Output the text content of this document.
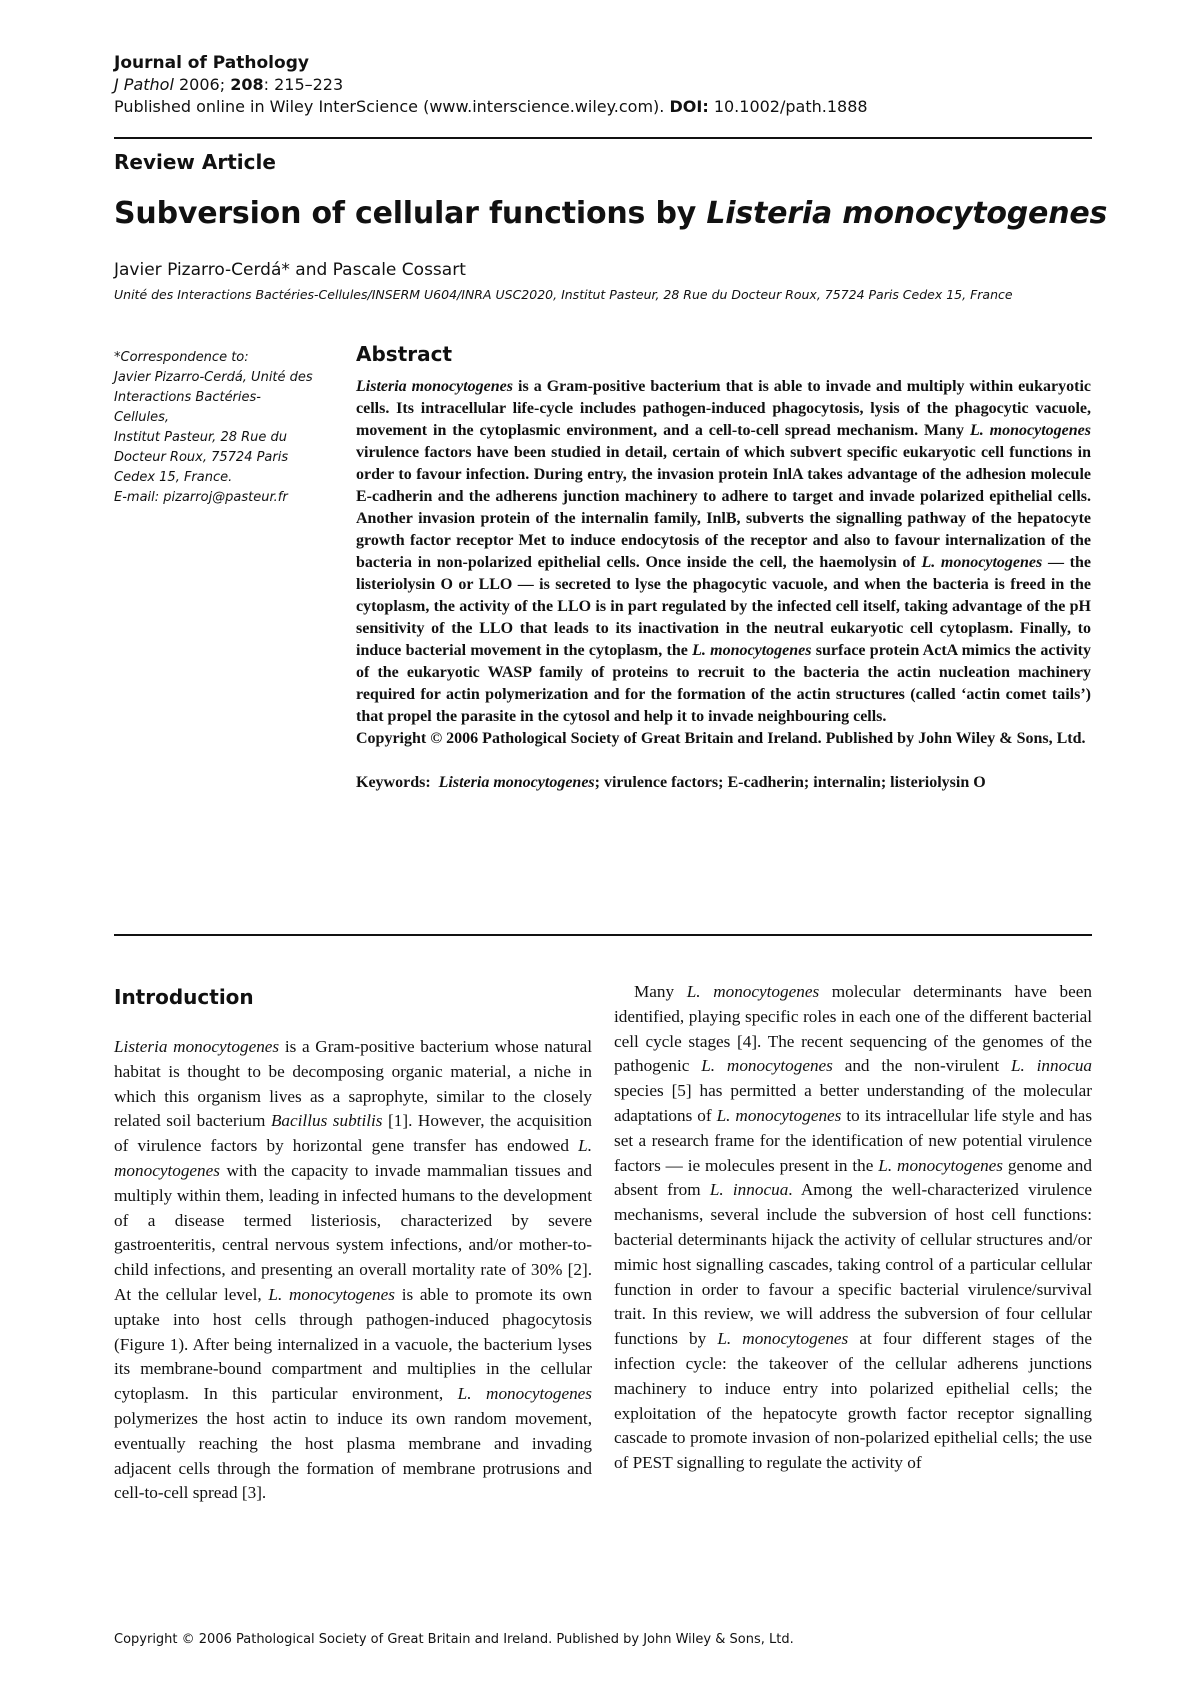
Journal of Pathology
J Pathol 2006; 208: 215–223
Published online in Wiley InterScience (www.interscience.wiley.com). DOI: 10.1002/path.1888
Review Article
Subversion of cellular functions by Listeria monocytogenes
Javier Pizarro-Cerdá* and Pascale Cossart
Unité des Interactions Bactéries-Cellules/INSERM U604/INRA USC2020, Institut Pasteur, 28 Rue du Docteur Roux, 75724 Paris Cedex 15, France
*Correspondence to:
Javier Pizarro-Cerdá, Unité des
Interactions Bactéries-Cellules,
Institut Pasteur, 28 Rue du
Docteur Roux, 75724 Paris
Cedex 15, France.
E-mail: pizarroj@pasteur.fr
Abstract

Listeria monocytogenes is a Gram-positive bacterium that is able to invade and multiply within eukaryotic cells. Its intracellular life-cycle includes pathogen-induced phagocytosis, lysis of the phagocytic vacuole, movement in the cytoplasmic environment, and a cell-to-cell spread mechanism. Many L. monocytogenes virulence factors have been studied in detail, certain of which subvert specific eukaryotic cell functions in order to favour infection. During entry, the invasion protein InlA takes advantage of the adhesion molecule E-cadherin and the adherens junction machinery to adhere to target and invade polarized epithelial cells. Another invasion protein of the internalin family, InlB, subverts the signalling pathway of the hepatocyte growth factor receptor Met to induce endocytosis of the receptor and also to favour internalization of the bacteria in non-polarized epithelial cells. Once inside the cell, the haemolysin of L. monocytogenes — the listeriolysin O or LLO — is secreted to lyse the phagocytic vacuole, and when the bacteria is freed in the cytoplasm, the activity of the LLO is in part regulated by the infected cell itself, taking advantage of the pH sensitivity of the LLO that leads to its inactivation in the neutral eukaryotic cell cytoplasm. Finally, to induce bacterial movement in the cytoplasm, the L. monocytogenes surface protein ActA mimics the activity of the eukaryotic WASP family of proteins to recruit to the bacteria the actin nucleation machinery required for actin polymerization and for the formation of the actin structures (called ‘actin comet tails’) that propel the parasite in the cytosol and help it to invade neighbouring cells.

Copyright © 2006 Pathological Society of Great Britain and Ireland. Published by John Wiley & Sons, Ltd.

Keywords: Listeria monocytogenes; virulence factors; E-cadherin; internalin; listeriolysin O
Introduction

Listeria monocytogenes is a Gram-positive bacterium whose natural habitat is thought to be decomposing organic material, a niche in which this organism lives as a saprophyte, similar to the closely related soil bacterium Bacillus subtilis [1]. However, the acquisition of virulence factors by horizontal gene transfer has endowed L. monocytogenes with the capacity to invade mammalian tissues and multiply within them, leading in infected humans to the development of a disease termed listeriosis, characterized by severe gastroenteritis, central nervous system infections, and/or mother-to-child infections, and presenting an overall mortality rate of 30% [2]. At the cellular level, L. monocytogenes is able to promote its own uptake into host cells through pathogen-induced phagocytosis (Figure 1). After being internalized in a vacuole, the bacterium lyses its membrane-bound compartment and multiplies in the cellular cytoplasm. In this particular environment, L. monocytogenes polymerizes the host actin to induce its own random movement, eventually reaching the host plasma membrane and invading adjacent cells through the formation of membrane protrusions and cell-to-cell spread [3].

Many L. monocytogenes molecular determinants have been identified, playing specific roles in each one of the different bacterial cell cycle stages [4]. The recent sequencing of the genomes of the pathogenic L. monocytogenes and the non-virulent L. innocua species [5] has permitted a better understanding of the molecular adaptations of L. monocytogenes to its intracellular life style and has set a research frame for the identification of new potential virulence factors — ie molecules present in the L. monocytogenes genome and absent from L. innocua. Among the well-characterized virulence mechanisms, several include the subversion of host cell functions: bacterial determinants hijack the activity of cellular structures and/or mimic host signalling cascades, taking control of a particular cellular function in order to favour a specific bacterial virulence/survival trait. In this review, we will address the subversion of four cellular functions by L. monocytogenes at four different stages of the infection cycle: the takeover of the cellular adherens junctions machinery to induce entry into polarized epithelial cells; the exploitation of the hepatocyte growth factor receptor signalling cascade to promote invasion of non-polarized epithelial cells; the use of PEST signalling to regulate the activity of

Copyright © 2006 Pathological Society of Great Britain and Ireland. Published by John Wiley & Sons, Ltd.
